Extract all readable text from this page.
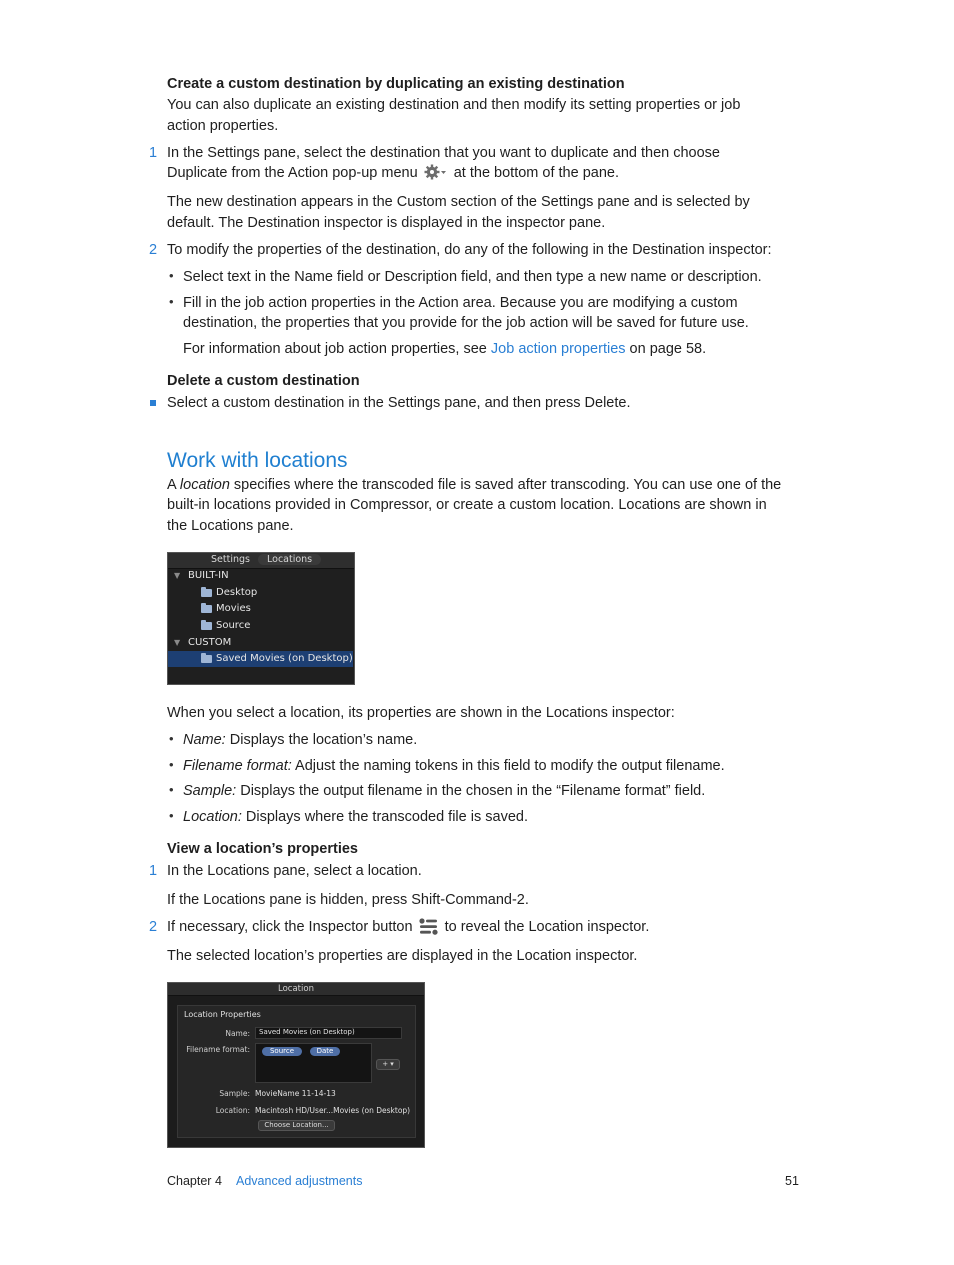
Create a custom destination by duplicating an existing destination
You can also duplicate an existing destination and then modify its setting properties or job
action properties.
1 In the Settings pane, select the destination that you want to duplicate and then choose
Duplicate from the Action pop-up menu at the bottom of the pane.
The new destination appears in the Custom section of the Settings pane and is selected by
default. The Destination inspector is displayed in the inspector pane.
2 To modify the properties of the destination, do any of the following in the Destination inspector:
• Select text in the Name field or Description field, and then type a new name or description.
• Fill in the job action properties in the Action area. Because you are modifying a custom
destination, the properties that you provide for the job action will be saved for future use.
For information about job action properties, see Job action properties on page 58.
Delete a custom destination
Select a custom destination in the Settings pane, and then press Delete.
Work with locations
A location specifies where the transcoded file is saved after transcoding. You can use one of the
built-in locations provided in Compressor, or create a custom location. Locations are shown in
the Locations pane.
Settings	Locations
▼ BUILT-IN
Desktop
Movies
Source
▼ CUSTOM
Saved Movies (on Desktop)
When you select a location, its properties are shown in the Locations inspector:
• Name: Displays the location’s name.
• Filename format: Adjust the naming tokens in this field to modify the output filename.
• Sample: Displays the output filename in the chosen in the “Filename format” field.
• Location: Displays where the transcoded file is saved.
View a location’s properties
1 In the Locations pane, select a location.
If the Locations pane is hidden, press Shift-Command-2.
2 If necessary, click the Inspector button to reveal the Location inspector.
The selected location’s properties are displayed in the Location inspector.
Location
Location Properties
Name: Saved Movies (on Desktop)
Filename format:	Source	Date
+ ▾
Sample: MovieName 11-14-13
Location: Macintosh HD/User...Movies (on Desktop)
Choose Location...
Chapter 4 Advanced adjustments	51
